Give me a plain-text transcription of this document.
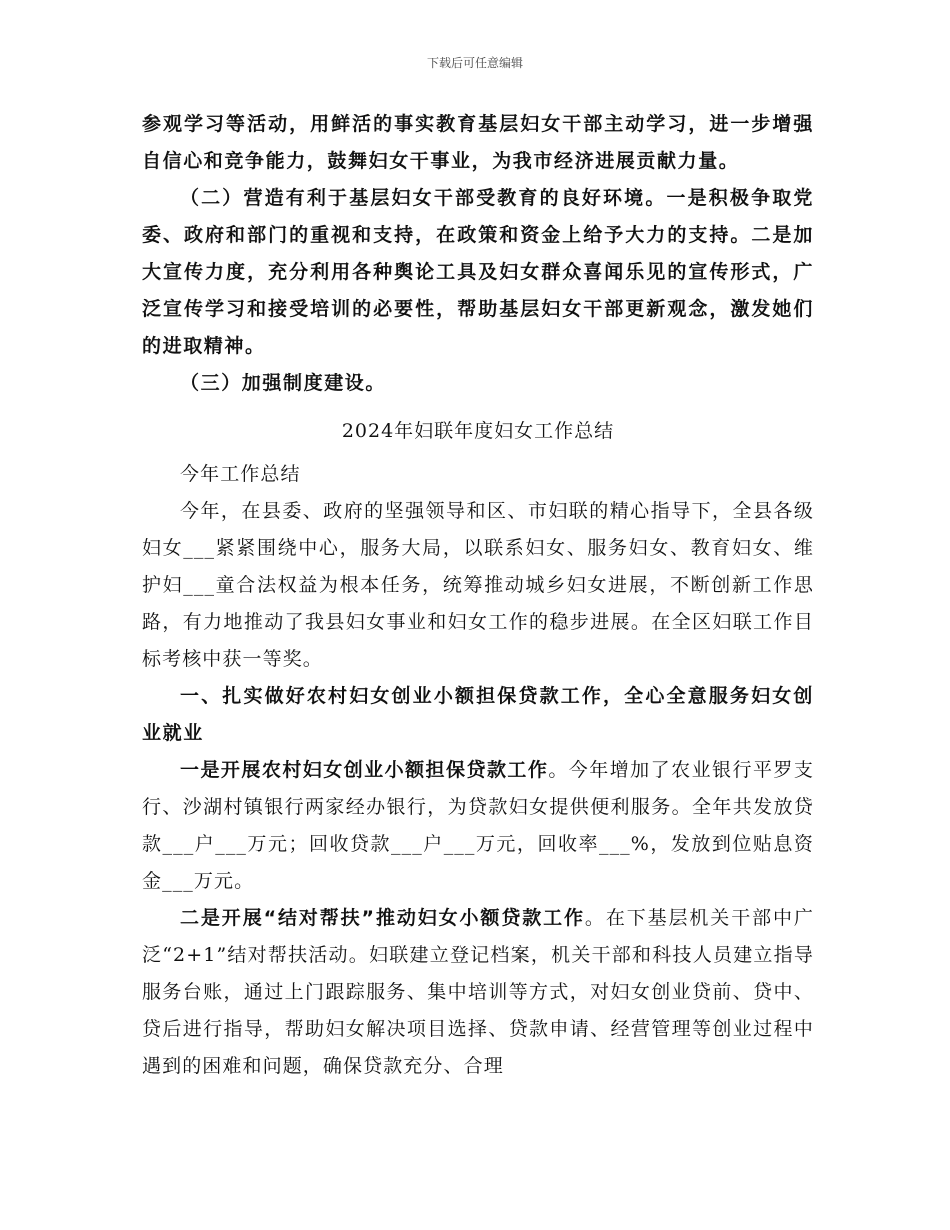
下载后可任意编辑

参观学习等活动，用鲜活的事实教育基层妇女干部主动学习，进一步增强自信心和竞争能力，鼓舞妇女干事业，为我市经济进展贡献力量。

（二）营造有利于基层妇女干部受教育的良好环境。一是积极争取党委、政府和部门的重视和支持，在政策和资金上给予大力的支持。二是加大宣传力度，充分利用各种舆论工具及妇女群众喜闻乐见的宣传形式，广泛宣传学习和接受培训的必要性，帮助基层妇女干部更新观念，激发她们的进取精神。

（三）加强制度建设。

2024年妇联年度妇女工作总结

今年工作总结

今年，在县委、政府的坚强领导和区、市妇联的精心指导下，全县各级妇女___紧紧围绕中心，服务大局，以联系妇女、服务妇女、教育妇女、维护妇___童合法权益为根本任务，统筹推动城乡妇女进展，不断创新工作思路，有力地推动了我县妇女事业和妇女工作的稳步进展。在全区妇联工作目标考核中获一等奖。

一、扎实做好农村妇女创业小额担保贷款工作，全心全意服务妇女创业就业

一是开展农村妇女创业小额担保贷款工作。今年增加了农业银行平罗支行、沙湖村镇银行两家经办银行，为贷款妇女提供便利服务。全年共发放贷款___户___万元；回收贷款___户___万元，回收率___%，发放到位贴息资金___万元。

二是开展“结对帮扶”推动妇女小额贷款工作。在下基层机关干部中广泛“2+1”结对帮扶活动。妇联建立登记档案，机关干部和科技人员建立指导服务台账，通过上门跟踪服务、集中培训等方式，对妇女创业贷前、贷中、贷后进行指导，帮助妇女解决项目选择、贷款申请、经营管理等创业过程中遇到的困难和问题，确保贷款充分、合理
